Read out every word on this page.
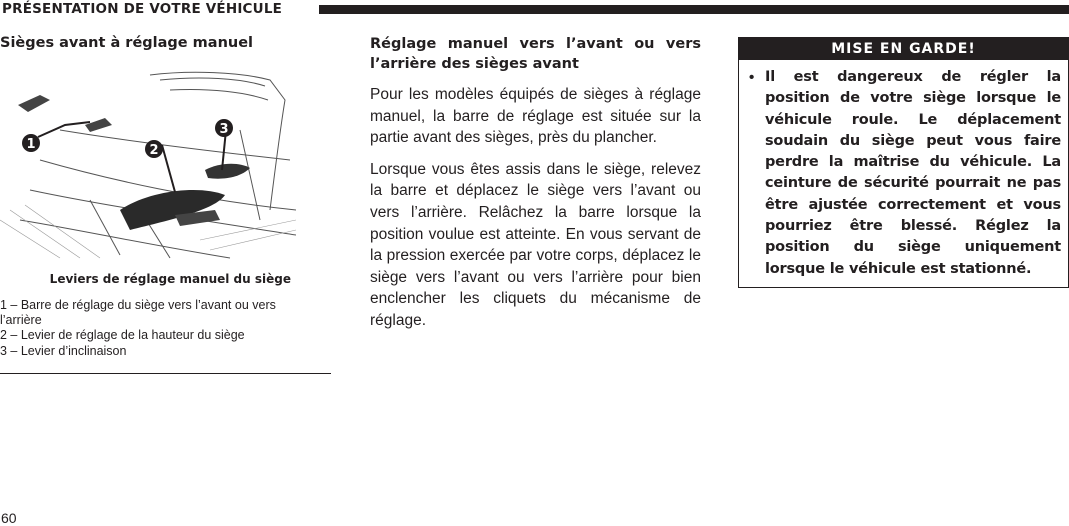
PRÉSENTATION DE VOTRE VÉHICULE
Sièges avant à réglage manuel
1	2
3
Leviers de réglage manuel du siège
1 – Barre de réglage du siège vers l’avant ou vers l’arrière
2 – Levier de réglage de la hauteur du siège
3 – Levier d’inclinaison
Réglage manuel vers l’avant ou vers l’arrière des sièges avant

Pour les modèles équipés de sièges à réglage manuel, la barre de réglage est située sur la partie avant des sièges, près du plancher.

Lorsque vous êtes assis dans le siège, relevez la barre et déplacez le siège vers l’avant ou vers l’arrière. Relâchez la barre lorsque la position voulue est atteinte. En vous servant de la pression exercée par votre corps, déplacez le siège vers l’avant ou vers l’arrière pour bien enclencher les cliquets du mécanisme de réglage.

MISE EN GARDE!
• Il est dangereux de régler la position de votre siège lorsque le véhicule roule. Le déplacement soudain du siège peut vous faire perdre la maîtrise du véhicule. La ceinture de sécurité pourrait ne pas être ajustée correctement et vous pourriez être blessé. Réglez la position du siège uniquement lorsque le véhicule est stationné.
60
